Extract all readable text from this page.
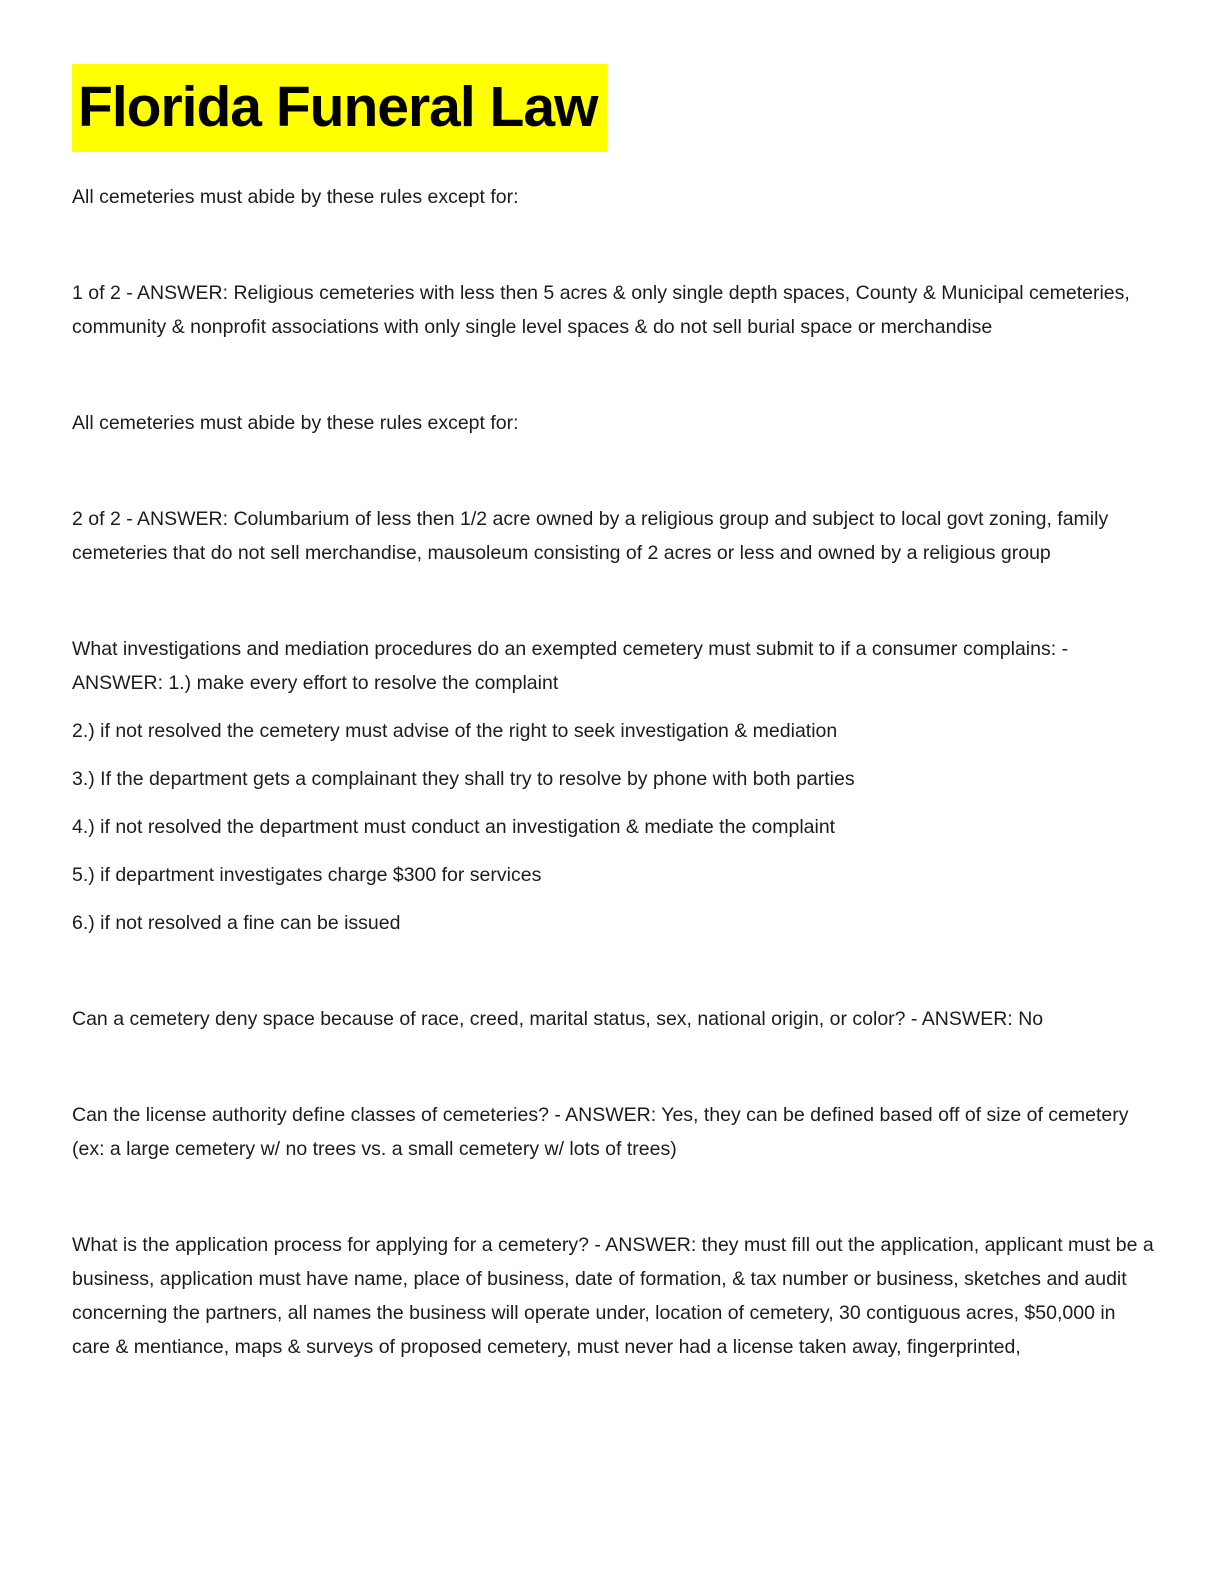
Florida Funeral Law

All cemeteries must abide by these rules except for:

1 of 2 - ANSWER: Religious cemeteries with less then 5 acres & only single depth spaces, County & Municipal cemeteries, community & nonprofit associations with only single level spaces & do not sell burial space or merchandise

All cemeteries must abide by these rules except for:

2 of 2 - ANSWER: Columbarium of less then 1/2 acre owned by a religious group and subject to local govt zoning, family cemeteries that do not sell merchandise, mausoleum consisting of 2 acres or less and owned by a religious group

What investigations and mediation procedures do an exempted cemetery must submit to if a consumer complains: - ANSWER: 1.) make every effort to resolve the complaint

2.) if not resolved the cemetery must advise of the right to seek investigation & mediation

3.) If the department gets a complainant they shall try to resolve by phone with both parties

4.) if not resolved the department must conduct an investigation & mediate the complaint

5.) if department investigates charge $300 for services

6.) if not resolved a fine can be issued

Can a cemetery deny space because of race, creed, marital status, sex, national origin, or color? - ANSWER: No

Can the license authority define classes of cemeteries? - ANSWER: Yes, they can be defined based off of size of cemetery (ex: a large cemetery w/ no trees vs. a small cemetery w/ lots of trees)

What is the application process for applying for a cemetery? - ANSWER: they must fill out the application, applicant must be a business, application must have name, place of business, date of formation, & tax number or business, sketches and audit concerning the partners, all names the business will operate under, location of cemetery, 30 contiguous acres, $50,000 in care & mentiance, maps & surveys of proposed cemetery, must never had a license taken away, fingerprinted,
